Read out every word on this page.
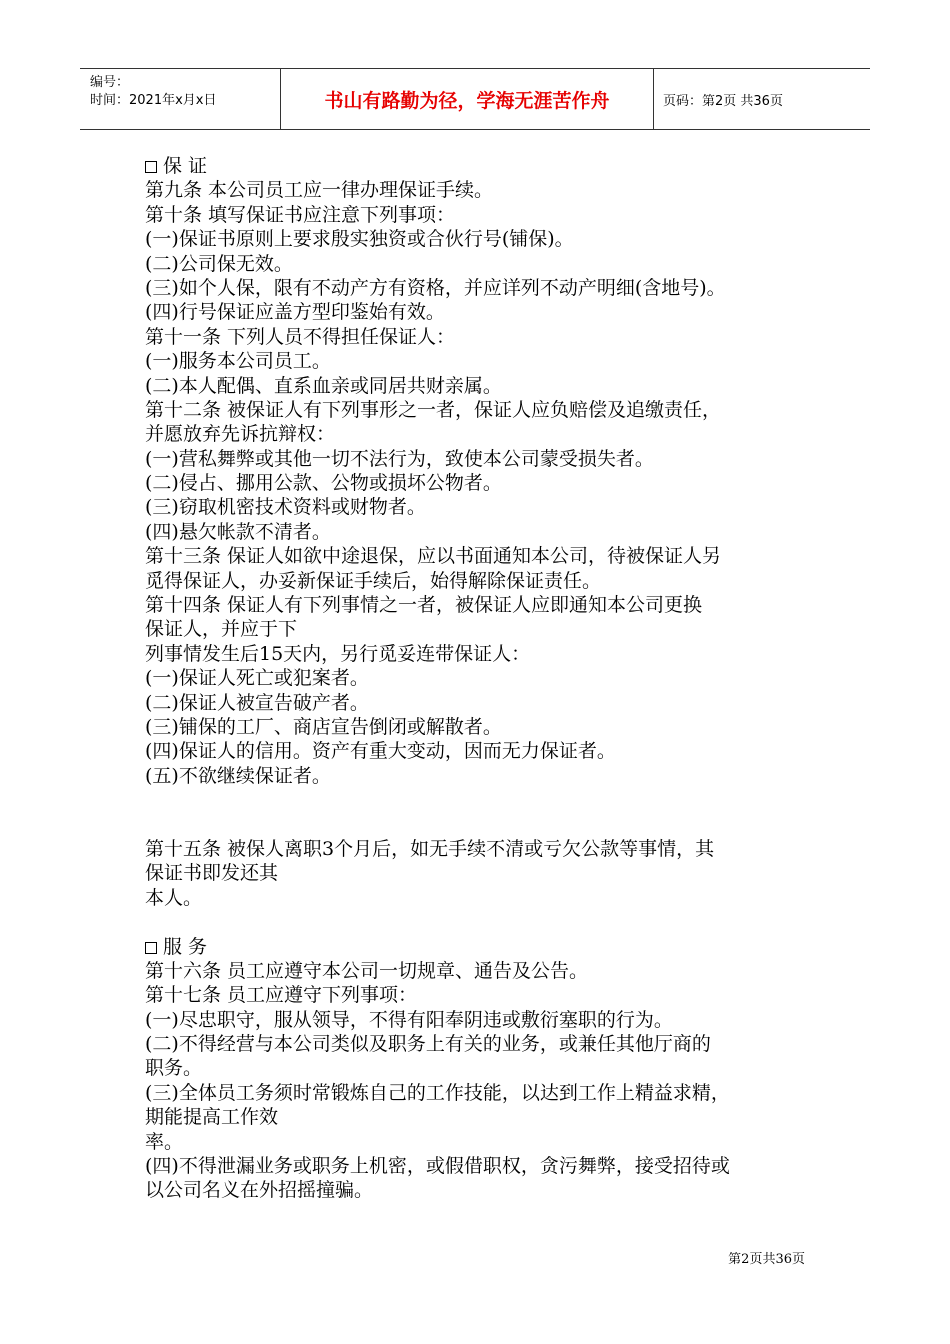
编号：
时间：2021年x月x日	书山有路勤为径，学海无涯苦作舟	页码：第2页 共36页
保 证
第九条 本公司员工应一律办理保证手续。
第十条 填写保证书应注意下列事项：
(一)保证书原则上要求殷实独资或合伙行号(铺保)。
(二)公司保无效。
(三)如个人保，限有不动产方有资格，并应详列不动产明细(含地号)。
(四)行号保证应盖方型印鉴始有效。
第十一条 下列人员不得担任保证人：
(一)服务本公司员工。
(二)本人配偶、直系血亲或同居共财亲属。
第十二条 被保证人有下列事形之一者，保证人应负赔偿及追缴责任，
并愿放弃先诉抗辩权：
(一)营私舞弊或其他一切不法行为，致使本公司蒙受损失者。
(二)侵占、挪用公款、公物或损坏公物者。
(三)窃取机密技术资料或财物者。
(四)悬欠帐款不清者。
第十三条 保证人如欲中途退保，应以书面通知本公司，待被保证人另
觅得保证人，办妥新保证手续后，始得解除保证责任。
第十四条 保证人有下列事情之一者，被保证人应即通知本公司更换
保证人，并应于下
列事情发生后15天内，另行觅妥连带保证人：
(一)保证人死亡或犯案者。
(二)保证人被宣告破产者。
(三)铺保的工厂、商店宣告倒闭或解散者。
(四)保证人的信用。资产有重大变动，因而无力保证者。
(五)不欲继续保证者。
第十五条 被保人离职3个月后，如无手续不清或亏欠公款等事情，其
保证书即发还其
本人。
服 务
第十六条 员工应遵守本公司一切规章、通告及公告。
第十七条 员工应遵守下列事项：
(一)尽忠职守，服从领导，不得有阳奉阴违或敷衍塞职的行为。
(二)不得经营与本公司类似及职务上有关的业务，或兼任其他厅商的
职务。
(三)全体员工务须时常锻炼自己的工作技能，以达到工作上精益求精，
期能提高工作效
率。
(四)不得泄漏业务或职务上机密，或假借职权，贪污舞弊，接受招待或
以公司名义在外招摇撞骗。
第2页共36页
